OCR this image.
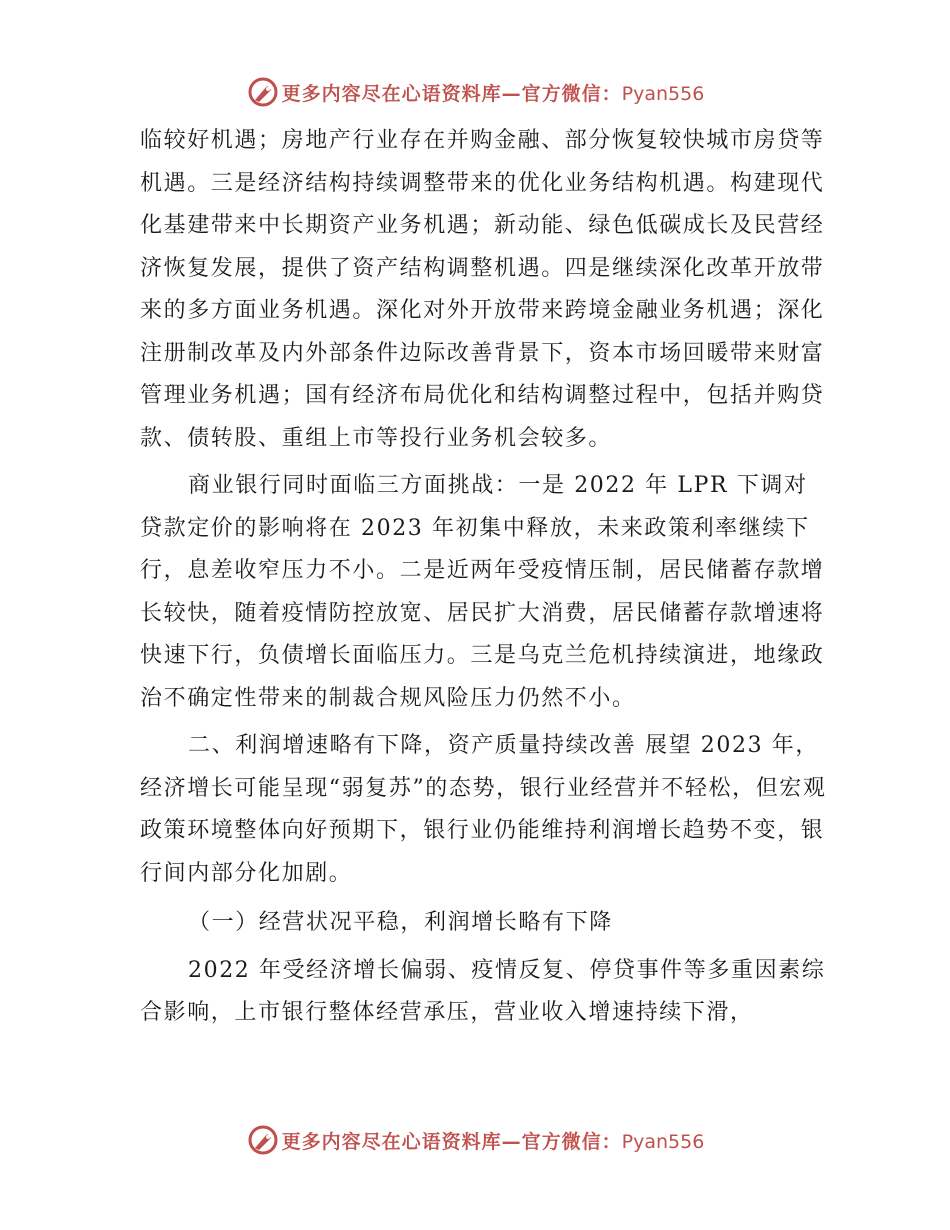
更多内容尽在心语资料库—官方微信：Pyan556

临较好机遇；房地产行业存在并购金融、部分恢复较快城市房贷等机遇。三是经济结构持续调整带来的优化业务结构机遇。构建现代化基建带来中长期资产业务机遇；新动能、绿色低碳成长及民营经济恢复发展，提供了资产结构调整机遇。四是继续深化改革开放带来的多方面业务机遇。深化对外开放带来跨境金融业务机遇；深化注册制改革及内外部条件边际改善背景下，资本市场回暖带来财富管理业务机遇；国有经济布局优化和结构调整过程中，包括并购贷款、债转股、重组上市等投行业务机会较多。

商业银行同时面临三方面挑战：一是 2022 年 LPR 下调对贷款定价的影响将在 2023 年初集中释放，未来政策利率继续下行，息差收窄压力不小。二是近两年受疫情压制，居民储蓄存款增长较快，随着疫情防控放宽、居民扩大消费，居民储蓄存款增速将快速下行，负债增长面临压力。三是乌克兰危机持续演进，地缘政治不确定性带来的制裁合规风险压力仍然不小。

二、利润增速略有下降，资产质量持续改善 展望 2023 年，经济增长可能呈现“弱复苏”的态势，银行业经营并不轻松，但宏观政策环境整体向好预期下，银行业仍能维持利润增长趋势不变，银行间内部分化加剧。

（一）经营状况平稳，利润增长略有下降

2022 年受经济增长偏弱、疫情反复、停贷事件等多重因素综合影响，上市银行整体经营承压，营业收入增速持续下滑，

更多内容尽在心语资料库—官方微信：Pyan556
